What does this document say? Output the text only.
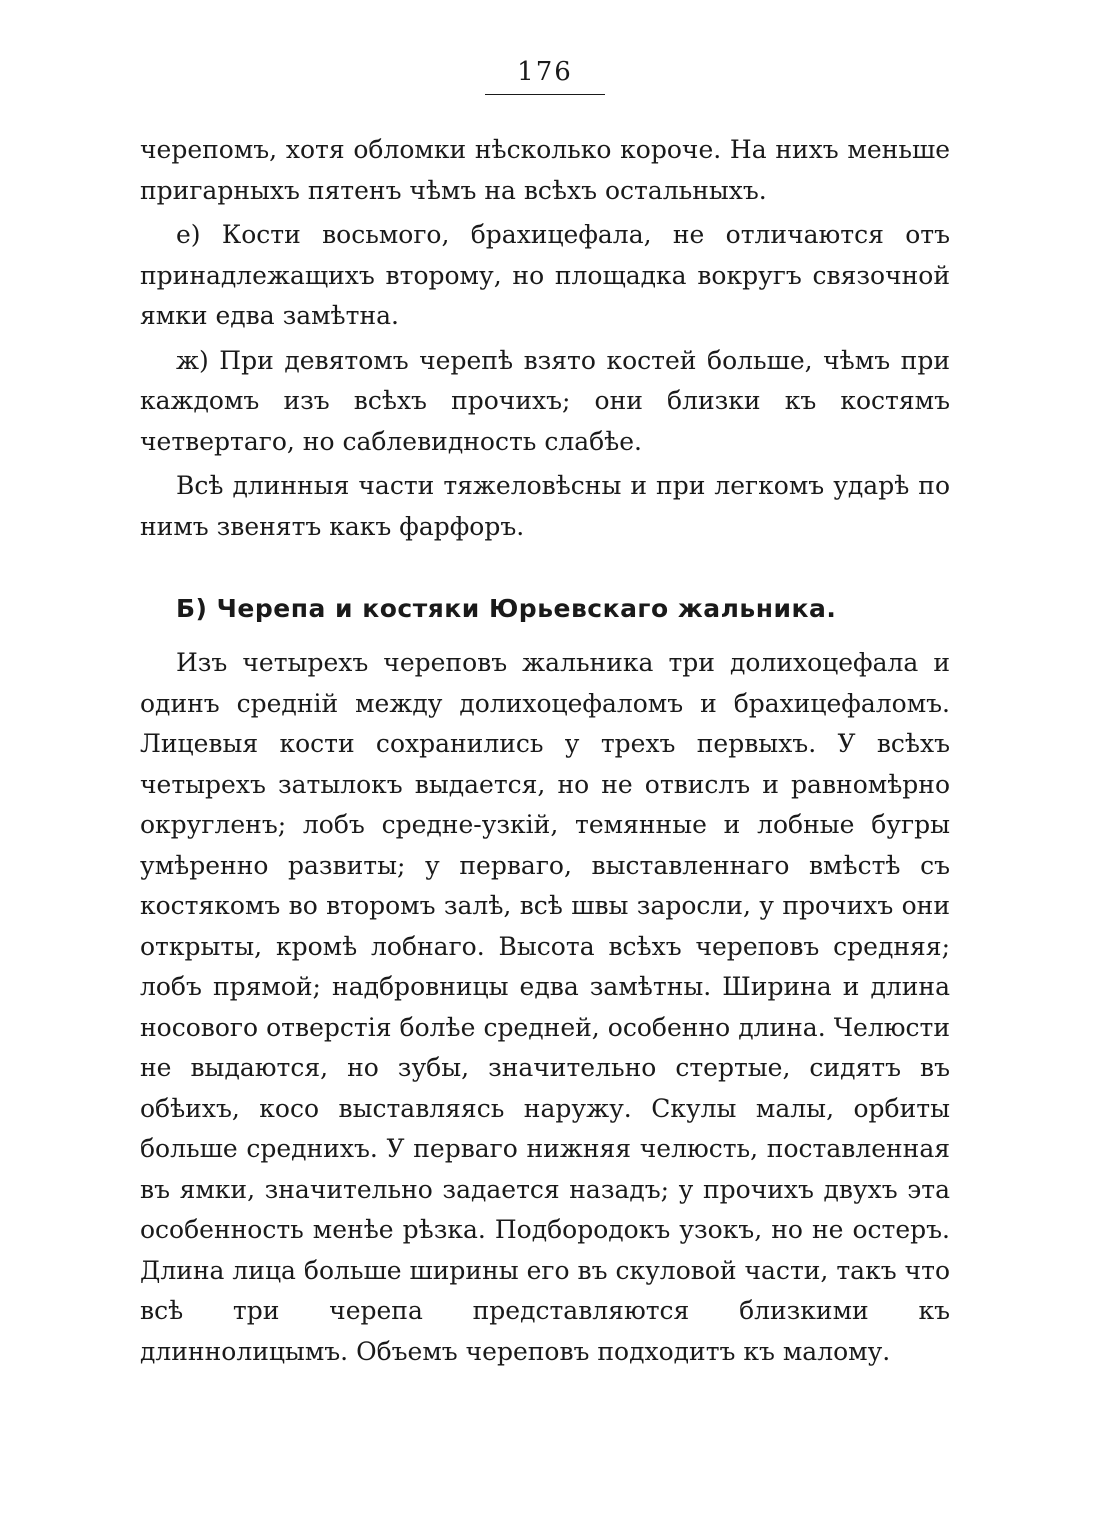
176

черепомъ, хотя обломки нѣсколько короче. На нихъ меньше пригарныхъ пятенъ чѣмъ на всѣхъ остальныхъ.

е) Кости восьмого, брахицефала, не отличаются отъ принадлежащихъ второму, но площадка вокругъ связочной ямки едва замѣтна.

ж) При девятомъ черепѣ взято костей больше, чѣмъ при каждомъ изъ всѣхъ прочихъ; они близки къ костямъ четвертаго, но саблевидность слабѣе.

Всѣ длинныя части тяжеловѣсны и при легкомъ ударѣ по нимъ звенятъ какъ фарфоръ.

Б) Черепа и костяки Юрьевскаго жальника.

Изъ четырехъ череповъ жальника три долихоцефала и одинъ среднiй между долихоцефаломъ и брахицефаломъ. Лицевыя кости сохранились у трехъ первыхъ. У всѣхъ четырехъ затылокъ выдается, но не отвислъ и равномѣрно округленъ; лобъ средне-узкiй, темянные и лобные бугры умѣренно развиты; у перваго, выставленнаго вмѣстѣ съ костякомъ во второмъ залѣ, всѣ швы заросли, у прочихъ они открыты, кромѣ лобнаго. Высота всѣхъ череповъ средняя; лобъ прямой; надбровницы едва замѣтны. Ширина и длина носового отверстiя болѣе средней, особенно длина. Челюсти не выдаются, но зубы, значительно стертые, сидятъ въ обѣихъ, косо выставляясь наружу. Скулы малы, орбиты больше среднихъ. У перваго нижняя челюсть, поставленная въ ямки, значительно задается назадъ; у прочихъ двухъ эта особенность менѣе рѣзка. Подбородокъ узокъ, но не остеръ. Длина лица больше ширины его въ скуловой части, такъ что всѣ три черепа представляются близкими къ длиннолицымъ. Объемъ череповъ подходитъ къ малому.
